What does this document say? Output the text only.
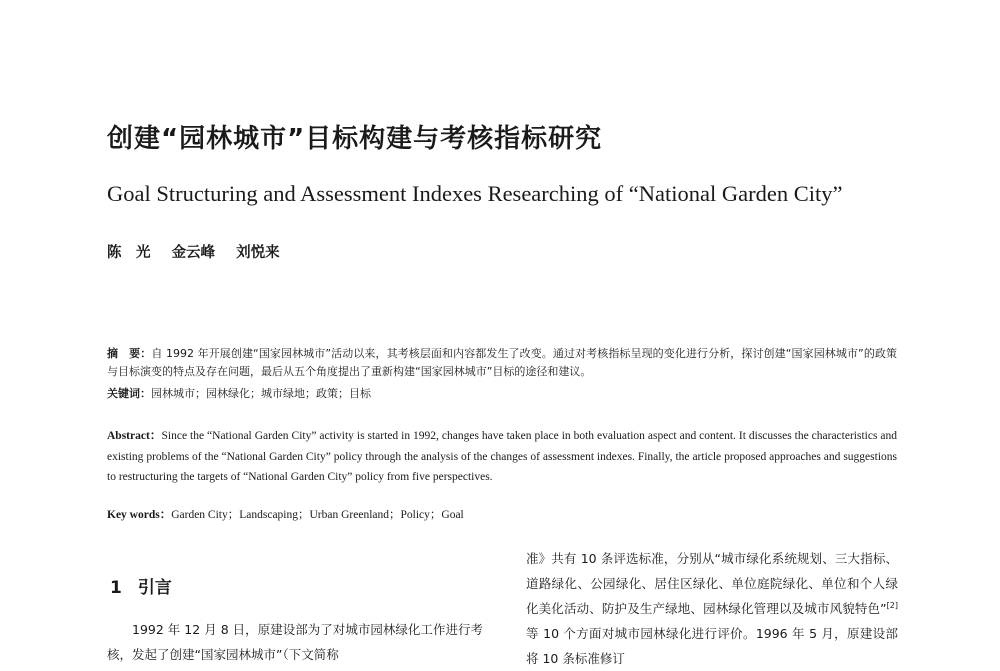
创建“园林城市”目标构建与考核指标研究
Goal Structuring and Assessment Indexes Researching of “National Garden City”
陈　光 金云峰 刘悦来
摘　要：自 1992 年开展创建“国家园林城市”活动以来，其考核层面和内容都发生了改变。通过对考核指标呈现的变化进行分析，探讨创建“国家园林城市”的政策与目标演变的特点及存在问题，最后从五个角度提出了重新构建“国家园林城市”目标的途径和建议。
关键词：园林城市；园林绿化；城市绿地；政策；目标
Abstract：Since the “National Garden City” activity is started in 1992, changes have taken place in both evaluation aspect and content. It discusses the characteristics and existing problems of the “National Garden City” policy through the analysis of the changes of assessment indexes. Finally, the article proposed approaches and suggestions to restructuring the targets of “National Garden City” policy from five perspectives.
Key words：Garden City；Landscaping；Urban Greenland；Policy；Goal
1 引言

1992 年 12 月 8 日，原建设部为了对城市园林绿化工作进行考核，发起了创建“国家园林城市”（下文简称

准》共有 10 条评选标准，分别从“城市绿化系统规划、三大指标、道路绿化、公园绿化、居住区绿化、单位庭院绿化、单位和个人绿化美化活动、防护及生产绿地、园林绿化管理以及城市风貌特色”[2]等 10 个方面对城市园林绿化进行评价。1996 年 5 月，原建设部将 10 条标准修订
